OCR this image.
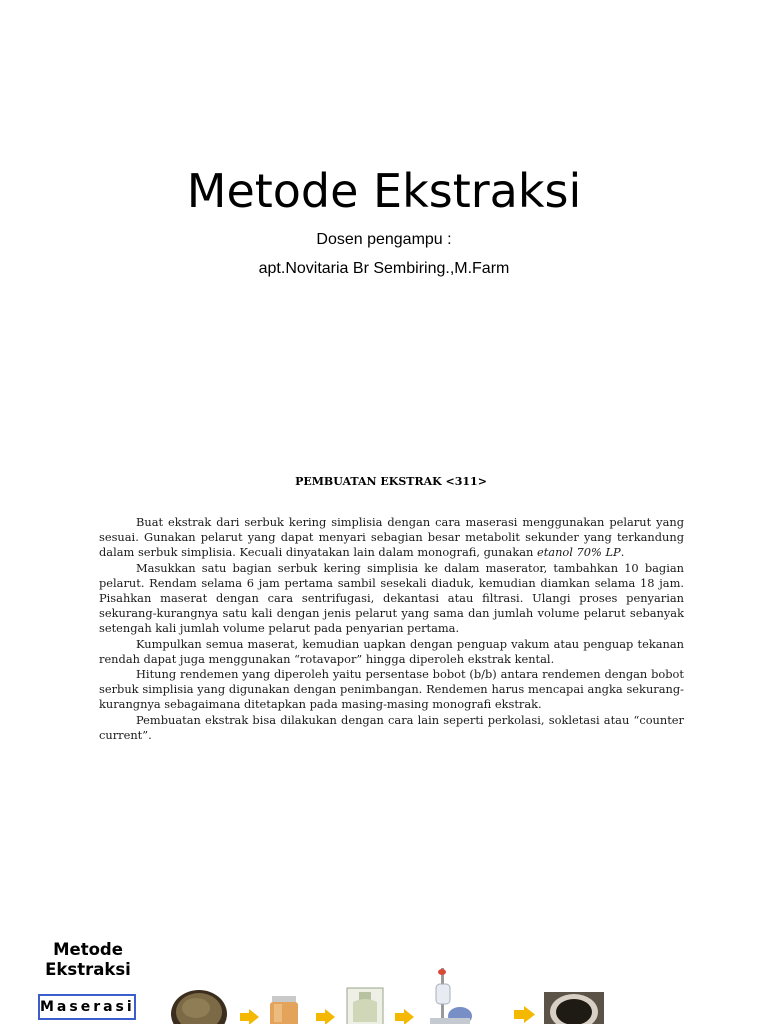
Metode Ekstraksi
Dosen pengampu :
apt.Novitaria Br Sembiring.,M.Farm
PEMBUATAN EKSTRAK <311>

Buat ekstrak dari serbuk kering simplisia dengan cara maserasi menggunakan pelarut yang sesuai. Gunakan pelarut yang dapat menyari sebagian besar metabolit sekunder yang terkandung dalam serbuk simplisia. Kecuali dinyatakan lain dalam monografi, gunakan etanol 70% LP.

Masukkan satu bagian serbuk kering simplisia ke dalam maserator, tambahkan 10 bagian pelarut. Rendam selama 6 jam pertama sambil sesekali diaduk, kemudian diamkan selama 18 jam. Pisahkan maserat dengan cara sentrifugasi, dekantasi atau filtrasi. Ulangi proses penyarian sekurang-kurangnya satu kali dengan jenis pelarut yang sama dan jumlah volume pelarut sebanyak setengah kali jumlah volume pelarut pada penyarian pertama.

Kumpulkan semua maserat, kemudian uapkan dengan penguap vakum atau penguap tekanan rendah dapat juga menggunakan “rotavapor” hingga diperoleh ekstrak kental.

Hitung rendemen yang diperoleh yaitu persentase bobot (b/b) antara rendemen dengan bobot serbuk simplisia yang digunakan dengan penimbangan. Rendemen harus mencapai angka sekurang-kurangnya sebagaimana ditetapkan pada masing-masing monografi ekstrak.

Pembuatan ekstrak bisa dilakukan dengan cara lain seperti perkolasi, sokletasi atau “counter current”.

Metode Ekstraksi
Maserasi
